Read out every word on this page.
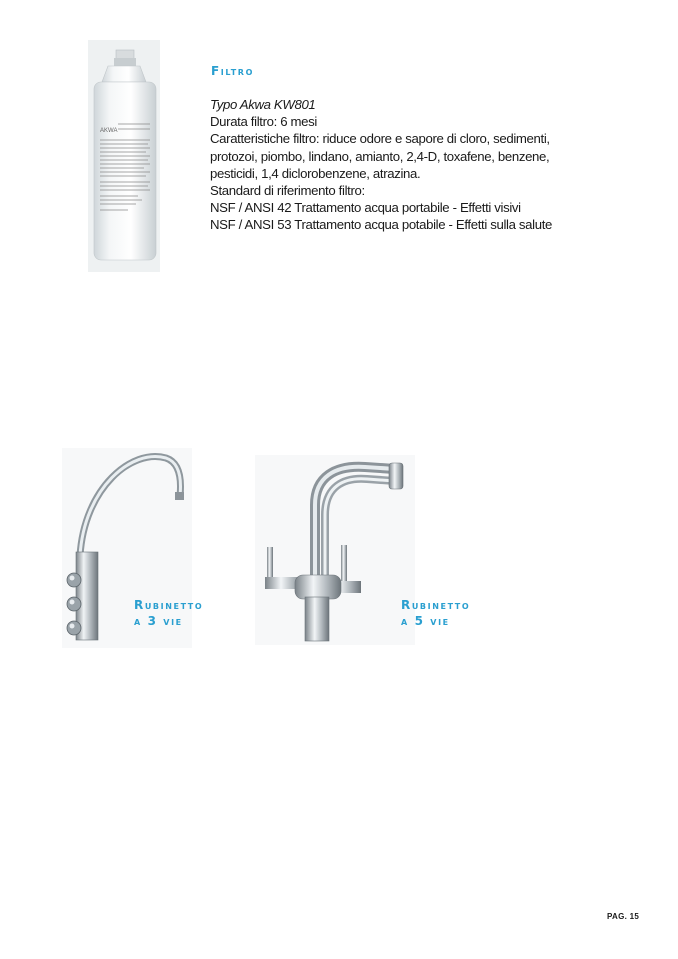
AKWA
Filtro
Typo Akwa KW801
Durata filtro: 6 mesi
Caratteristiche filtro: riduce odore e sapore di cloro, sedimenti,
protozoi, piombo, lindano, amianto, 2,4-D, toxafene, benzene,
pesticidi, 1,4 diclorobenzene, atrazina.
Standard di riferimento filtro:
NSF / ANSI 42 Trattamento acqua portabile - Effetti visivi
NSF / ANSI 53 Trattamento acqua potabile - Effetti sulla salute
Rubinetto
a 3 vie
Rubinetto
a 5 vie
PAG. 15
